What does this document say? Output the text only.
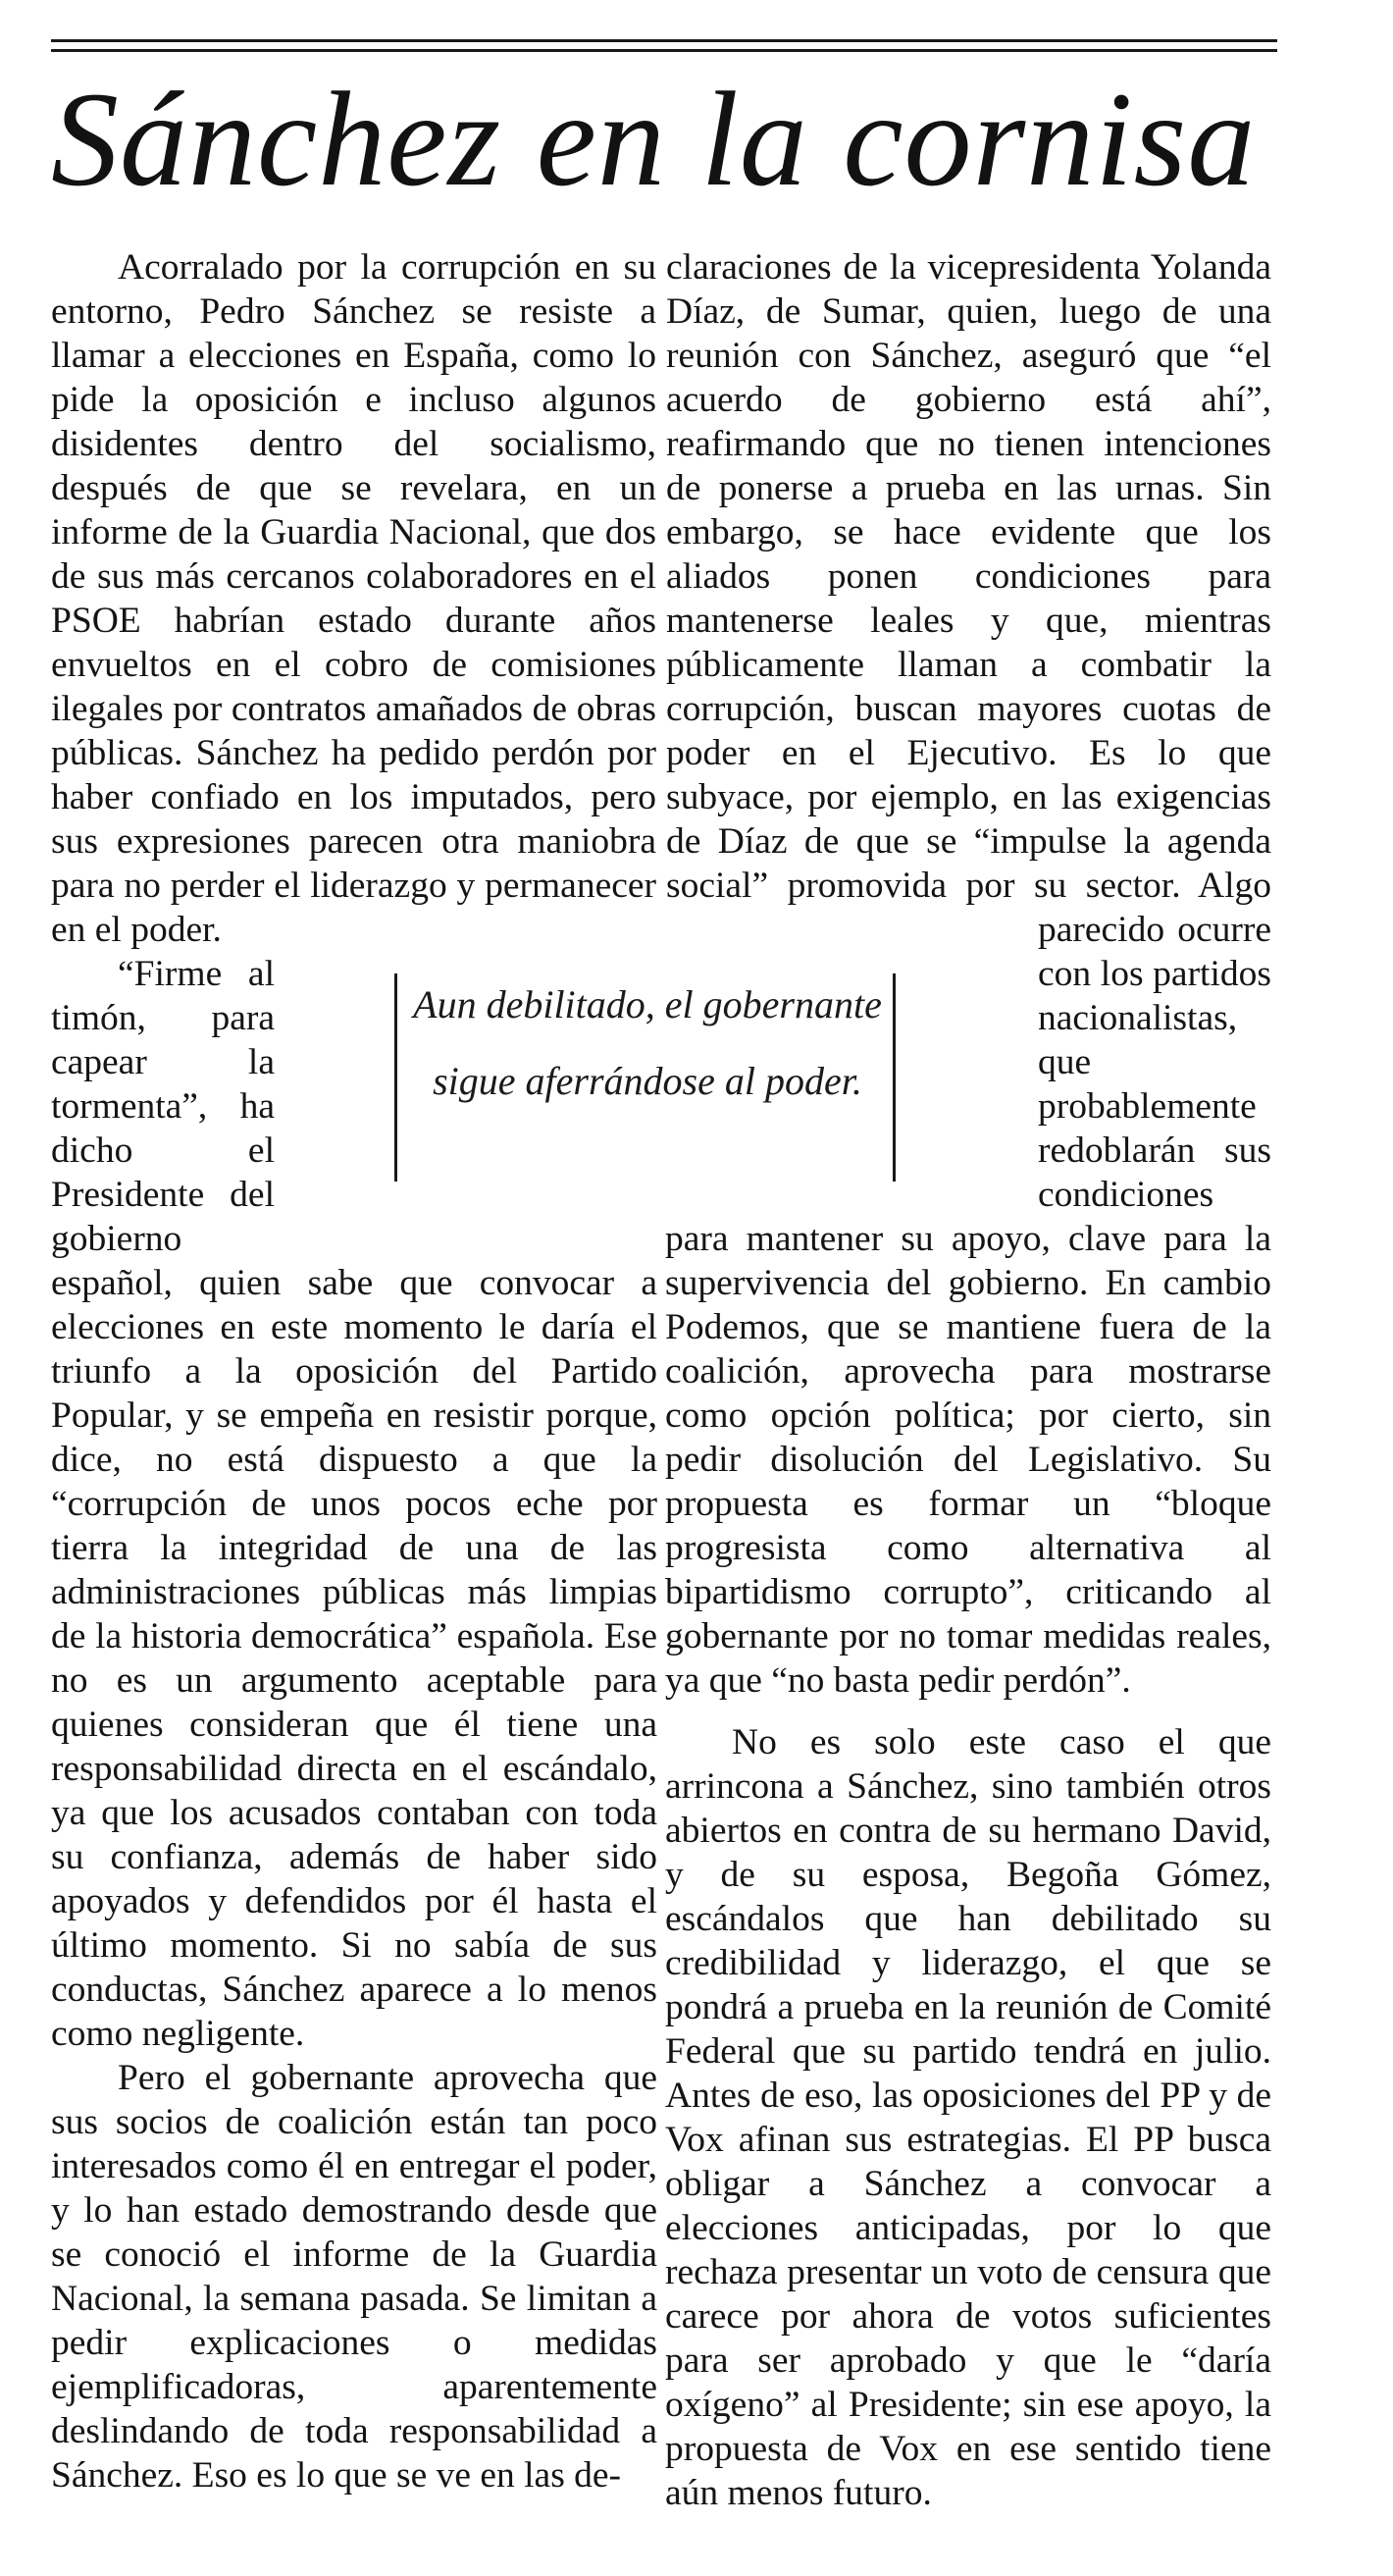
Sánchez en la cornisa

Acorralado por la corrupción en su entorno, Pedro Sánchez se resiste a llamar a elecciones en España, como lo pide la oposición e incluso algunos disidentes dentro del socialismo, después de que se revelara, en un informe de la Guardia Nacional, que dos de sus más cercanos colaboradores en el PSOE habrían estado durante años envueltos en el cobro de comisiones ilegales por contratos amañados de obras públicas. Sánchez ha pedido perdón por haber confiado en los imputados, pero sus expresiones parecen otra maniobra para no perder el liderazgo y permanecer en el poder.

“Firme al timón, para capear la tormenta”, ha dicho el Presidente del gobierno español, quien sabe que convocar a elecciones en este momento le daría el triunfo a la oposición del Partido Popular, y se empeña en resistir porque, dice, no está dispuesto a que la “corrupción de unos pocos eche por tierra la integridad de una de las administraciones públicas más limpias de la historia democrática” española. Ese no es un argumento aceptable para quienes consideran que él tiene una responsabilidad directa en el escándalo, ya que los acusados contaban con toda su confianza, además de haber sido apoyados y defendidos por él hasta el último momento. Si no sabía de sus conductas, Sánchez aparece a lo menos como negligente.

Pero el gobernante aprovecha que sus socios de coalición están tan poco interesados como él en entregar el poder, y lo han estado demostrando desde que se conoció el informe de la Guardia Nacional, la semana pasada. Se limitan a pedir explicaciones o medidas ejemplificadoras, aparentemente deslindando de toda responsabilidad a Sánchez. Eso es lo que se ve en las de-

claraciones de la vicepresidenta Yolanda Díaz, de Sumar, quien, luego de una reunión con Sánchez, aseguró que “el acuerdo de gobierno está ahí”, reafirmando que no tienen intenciones de ponerse a prueba en las urnas. Sin embargo, se hace evidente que los aliados ponen condiciones para mantenerse leales y que, mientras públicamente llaman a combatir la corrupción, buscan mayores cuotas de poder en el Ejecutivo. Es lo que subyace, por ejemplo, en las exigencias de Díaz de que se “impulse la agenda social” promovida por su sector. Algo parecido ocurre con los partidos nacionalistas, que probablemente redoblarán sus condiciones para mantener su apoyo, clave para la supervivencia del gobierno. En cambio Podemos, que se mantiene fuera de la coalición, aprovecha para mostrarse como opción política; por cierto, sin pedir disolución del Legislativo. Su propuesta es formar un “bloque progresista como alternativa al bipartidismo corrupto”, criticando al gobernante por no tomar medidas reales, ya que “no basta pedir perdón”.

No es solo este caso el que arrincona a Sánchez, sino también otros abiertos en contra de su hermano David, y de su esposa, Begoña Gómez, escándalos que han debilitado su credibilidad y liderazgo, el que se pondrá a prueba en la reunión de Comité Federal que su partido tendrá en julio. Antes de eso, las oposiciones del PP y de Vox afinan sus estrategias. El PP busca obligar a Sánchez a convocar a elecciones anticipadas, por lo que rechaza presentar un voto de censura que carece por ahora de votos suficientes para ser aprobado y que le “daría oxígeno” al Presidente; sin ese apoyo, la propuesta de Vox en ese sentido tiene aún menos futuro.

Aun debilitado, el gobernante sigue aferrándose al poder.
